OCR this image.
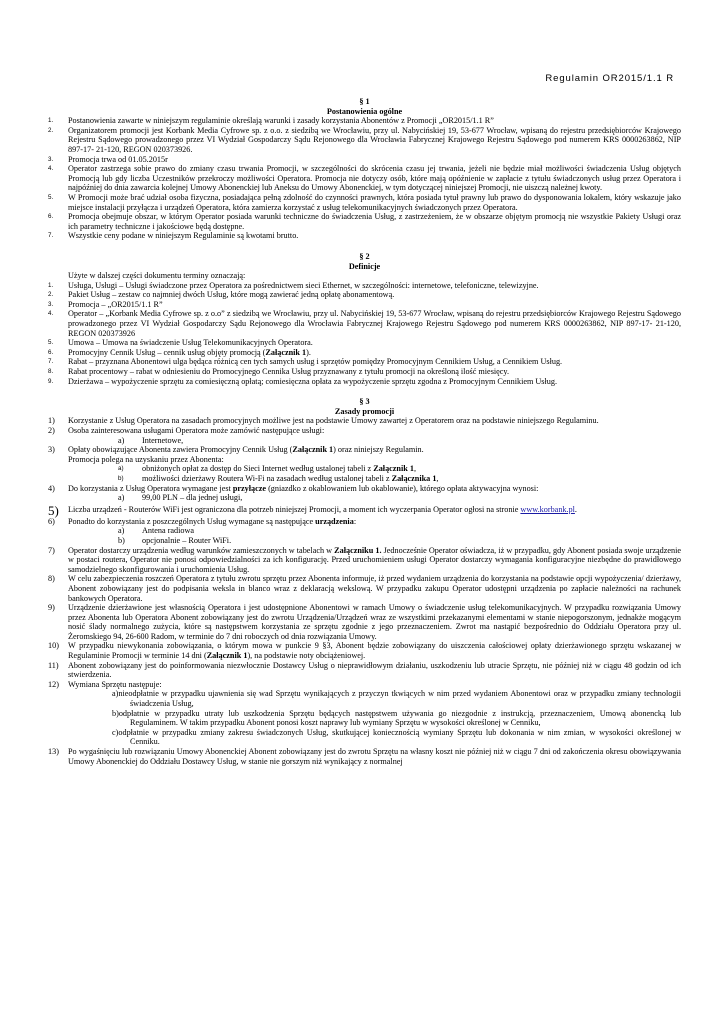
Regulamin OR2015/1.1 R
§ 1
Postanowienia ogólne
1.	Postanowienia zawarte w niniejszym regulaminie określają warunki i zasady korzystania Abonentów z Promocji „OR2015/1.1 R”
2.	Organizatorem promocji jest Korbank Media Cyfrowe sp. z o.o. z siedzibą we Wrocławiu, przy ul. Nabycińskiej 19, 53-677 Wrocław, wpisaną do rejestru przedsiębiorców Krajowego Rejestru Sądowego prowadzonego przez VI Wydział Gospodarczy Sądu Rejonowego dla Wrocławia Fabrycznej Krajowego Rejestru Sądowego pod numerem KRS 0000263862, NIP 897-17- 21-120, REGON 020373926.
3.	Promocja trwa od 01.05.2015r
4.	Operator zastrzega sobie prawo do zmiany czasu trwania Promocji, w szczególności do skrócenia czasu jej trwania, jeżeli nie będzie miał możliwości świadczenia Usług objętych Promocją lub gdy liczba Uczestników przekroczy możliwości Operatora. Promocja nie dotyczy osób, które mają opóźnienie w zapłacie z tytułu świadczonych usług przez Operatora i najpóźniej do dnia zawarcia kolejnej Umowy Abonenckiej lub Aneksu do Umowy Abonenckiej, w tym dotyczącej niniejszej Promocji, nie uiszczą należnej kwoty.
5.	W Promocji może brać udział osoba fizyczna, posiadająca pełną zdolność do czynności prawnych, która posiada tytuł prawny lub prawo do dysponowania lokalem, który wskazuje jako miejsce instalacji przyłącza i urządzeń Operatora, która zamierza korzystać z usług telekomunikacyjnych świadczonych przez Operatora.
6.	Promocja obejmuje obszar, w którym Operator posiada warunki techniczne do świadczenia Usług, z zastrzeżeniem, że w obszarze objętym promocją nie wszystkie Pakiety Usługi oraz ich parametry techniczne i jakościowe będą dostępne.
7.	Wszystkie ceny podane w niniejszym Regulaminie są kwotami brutto.
§ 2
Definicje
Użyte w dalszej części dokumentu terminy oznaczają:
1.	Usługa, Usługi – Usługi świadczone przez Operatora za pośrednictwem sieci Ethernet, w szczególności: internetowe, telefoniczne, telewizyjne.
2.	Pakiet Usług – zestaw co najmniej dwóch Usług, które mogą zawierać jedną opłatę abonamentową.
3.	Promocja – „OR2015/1.1 R”
4.	Operator – „Korbank Media Cyfrowe sp. z o.o” z siedzibą we Wrocławiu, przy ul. Nabycińskiej 19, 53-677 Wrocław, wpisaną do rejestru przedsiębiorców Krajowego Rejestru Sądowego prowadzonego przez VI Wydział Gospodarczy Sądu Rejonowego dla Wrocławia Fabrycznej Krajowego Rejestru Sądowego pod numerem KRS 0000263862, NIP 897-17- 21-120, REGON 020373926
5.	Umowa – Umowa na świadczenie Usług Telekomunikacyjnych Operatora.
6.	Promocyjny Cennik Usług – cennik usług objęty promocją (Załącznik 1).
7.	Rabat – przyznana Abonentowi ulga będąca różnicą cen tych samych usług i sprzętów pomiędzy Promocyjnym Cennikiem Usług, a Cennikiem Usług.
8.	Rabat procentowy – rabat w odniesieniu do Promocyjnego Cennika Usług przyznawany z tytułu promocji na określoną ilość miesięcy.
9.	Dzierżawa – wypożyczenie sprzętu za comiesięczną opłatą; comiesięczna opłata za wypożyczenie sprzętu zgodna z Promocyjnym Cennikiem Usług.
§ 3
Zasady promocji
1)	Korzystanie z Usług Operatora na zasadach promocyjnych możliwe jest na podstawie Umowy zawartej z Operatorem oraz na podstawie niniejszego Regulaminu.
2)	Osoba zainteresowana usługami Operatora może zamówić następujące usługi:
a)	Internetowe,
3)	Opłaty obowiązujące Abonenta zawiera Promocyjny Cennik Usług (Załącznik 1) oraz niniejszy Regulamin.
Promocja polega na uzyskaniu przez Abonenta:
a)	obniżonych opłat za dostęp do Sieci Internet według ustalonej tabeli z Załącznik 1,
b)	możliwości dzierżawy Routera Wi-Fi na zasadach według ustalonej tabeli z Załącznika 1,
4)	Do korzystania z Usług Operatora wymagane jest przyłącze (gniazdko z okablowaniem lub okablowanie), którego opłata aktywacyjna wynosi:
a)	99,00 PLN – dla jednej usługi,
5)	Liczba urządzeń - Routerów WiFi jest ograniczona dla potrzeb niniejszej Promocji, a moment ich wyczerpania Operator ogłosi na stronie www.korbank.pl.
6)	Ponadto do korzystania z poszczególnych Usług wymagane są następujące urządzenia:
a)	Antena radiowa
b)	opcjonalnie – Router WiFi.
7)	Operator dostarczy urządzenia według warunków zamieszczonych w tabelach w Załączniku 1. Jednocześnie Operator oświadcza, iż w przypadku, gdy Abonent posiada swoje urządzenie w postaci routera, Operator nie ponosi odpowiedzialności za ich konfigurację. Przed uruchomieniem usługi Operator dostarczy wymagania konfiguracyjne niezbędne do prawidłowego samodzielnego skonfigurowania i uruchomienia Usług.
8)	W celu zabezpieczenia roszczeń Operatora z tytułu zwrotu sprzętu przez Abonenta informuje, iż przed wydaniem urządzenia do korzystania na podstawie opcji wypożyczenia/ dzierżawy, Abonent zobowiązany jest do podpisania weksla in blanco wraz z deklaracją wekslową. W przypadku zakupu Operator udostępni urządzenia po zapłacie należności na rachunek bankowych Operatora.
9)	Urządzenie dzierżawione jest własnością Operatora i jest udostępnione Abonentowi w ramach Umowy o świadczenie usług telekomunikacyjnych. W przypadku rozwiązania Umowy przez Abonenta lub Operatora Abonent zobowiązany jest do zwrotu Urządzenia/Urządzeń wraz ze wszystkimi przekazanymi elementami w stanie niepogorszonym, jednakże mogącym nosić ślady normalnego zużycia, które są następstwem korzystania ze sprzętu zgodnie z jego przeznaczeniem. Zwrot ma nastąpić bezpośrednio do Oddziału Operatora przy ul. Żeromskiego 94, 26-600 Radom, w terminie do 7 dni roboczych od dnia rozwiązania Umowy.
10)	W przypadku niewykonania zobowiązania, o którym mowa w punkcie 9 §3, Abonent będzie zobowiązany do uiszczenia całościowej opłaty dzierżawionego sprzętu wskazanej w Regulaminie Promocji w terminie 14 dni (Załącznik 1), na podstawie noty obciążeniowej.
11)	Abonent zobowiązany jest do poinformowania niezwłocznie Dostawcy Usług o nieprawidłowym działaniu, uszkodzeniu lub utracie Sprzętu, nie później niż w ciągu 48 godzin od ich stwierdzenia.
12)	Wymiana Sprzętu następuje:
a)nieodpłatnie w przypadku ujawnienia się wad Sprzętu wynikających z przyczyn tkwiących w nim przed wydaniem Abonentowi oraz w przypadku zmiany technologii świadczenia Usług,
b)odpłatnie w przypadku utraty lub uszkodzenia Sprzętu będących następstwem używania go niezgodnie z instrukcją, przeznaczeniem, Umową abonencką lub Regulaminem. W takim przypadku Abonent ponosi koszt naprawy lub wymiany Sprzętu w wysokości określonej w Cenniku,
c)odpłatnie w przypadku zmiany zakresu świadczonych Usług, skutkującej koniecznością wymiany Sprzętu lub dokonania w nim zmian, w wysokości określonej w Cenniku.
13)	Po wygaśnięciu lub rozwiązaniu Umowy Abonenckiej Abonent zobowiązany jest do zwrotu Sprzętu na własny koszt nie później niż w ciągu 7 dni od zakończenia okresu obowiązywania Umowy Abonenckiej do Oddziału Dostawcy Usług, w stanie nie gorszym niż wynikający z normalnej
